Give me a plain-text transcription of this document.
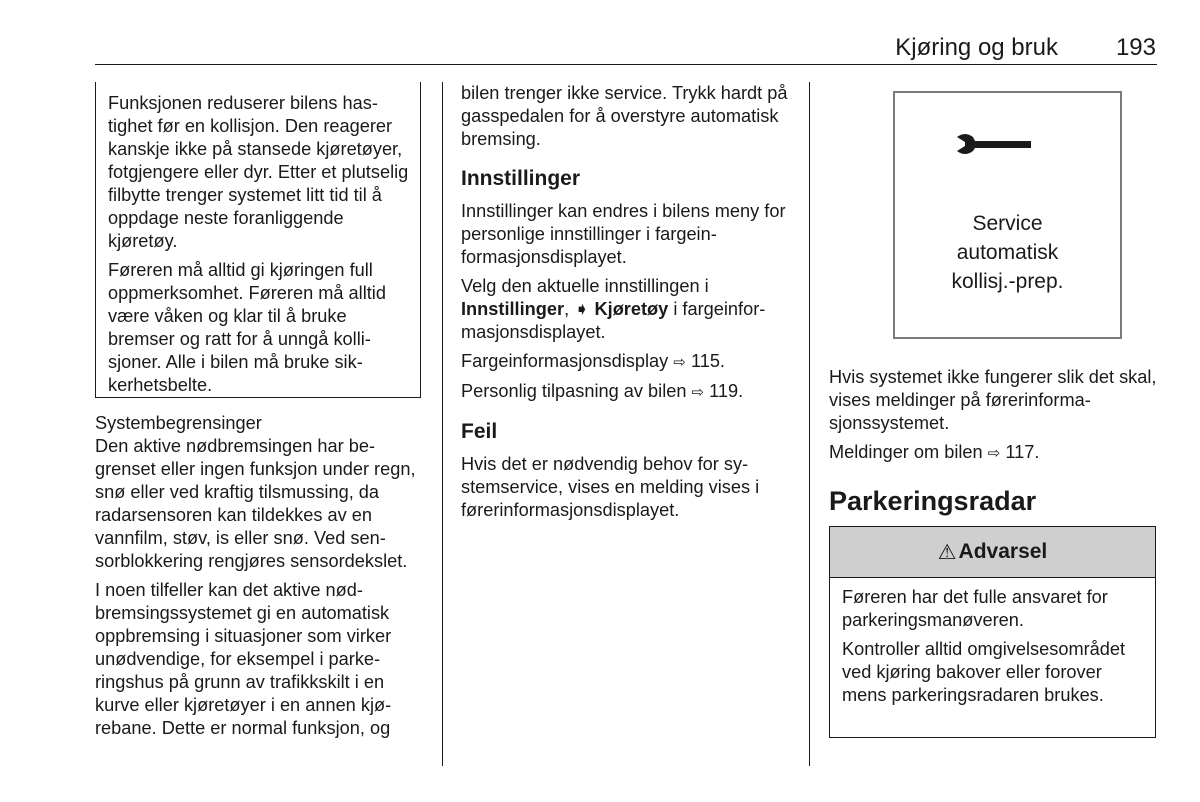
Kjøring og bruk 193

Funksjonen reduserer bilens hastighet før en kollisjon. Den reagerer kanskje ikke på stansede kjøretøyer, fotgjengere eller dyr. Etter et plutselig filbytte trenger systemet litt tid til å oppdage neste foranliggende kjøretøy.

Føreren må alltid gi kjøringen full oppmerksomhet. Føreren må alltid være våken og klar til å bruke bremser og ratt for å unngå kollisjoner. Alle i bilen må bruke sikkerhetsbelte.

Systembegrensinger

Den aktive nødbremsingen har begrenset eller ingen funksjon under regn, snø eller ved kraftig tilsmussing, da radarsensoren kan tildekkes av en vannfilm, støv, is eller snø. Ved sensorblokkering rengjøres sensordekslet.

I noen tilfeller kan det aktive nødbremsingssystemet gi en automatisk oppbremsing i situasjoner som virker unødvendige, for eksempel i parkeringshus på grunn av trafikkskilt i en kurve eller kjøretøyer i en annen kjørebane. Dette er normal funksjon, og

bilen trenger ikke service. Trykk hardt på gasspedalen for å overstyre automatisk bremsing.

Innstillinger

Innstillinger kan endres i bilens meny for personlige innstillinger i fargeinformasjonsdisplayet.

Velg den aktuelle innstillingen i Innstillinger, ➧ Kjøretøy i fargeinformasjonsdisplayet.

Fargeinformasjonsdisplay ⇨ 115.

Personlig tilpasning av bilen ⇨ 119.

Feil

Hvis det er nødvendig behov for systemservice, vises en melding vises i førerinformasjonsdisplayet.

Service
automatisk
kollisj.-prep.

Hvis systemet ikke fungerer slik det skal, vises meldinger på førerinformasjonssystemet.

Meldinger om bilen ⇨ 117.

Parkeringsradar
⚠ Advarsel

Føreren har det fulle ansvaret for parkeringsmanøveren.

Kontroller alltid omgivelsesområdet ved kjøring bakover eller forover mens parkeringsradaren brukes.
